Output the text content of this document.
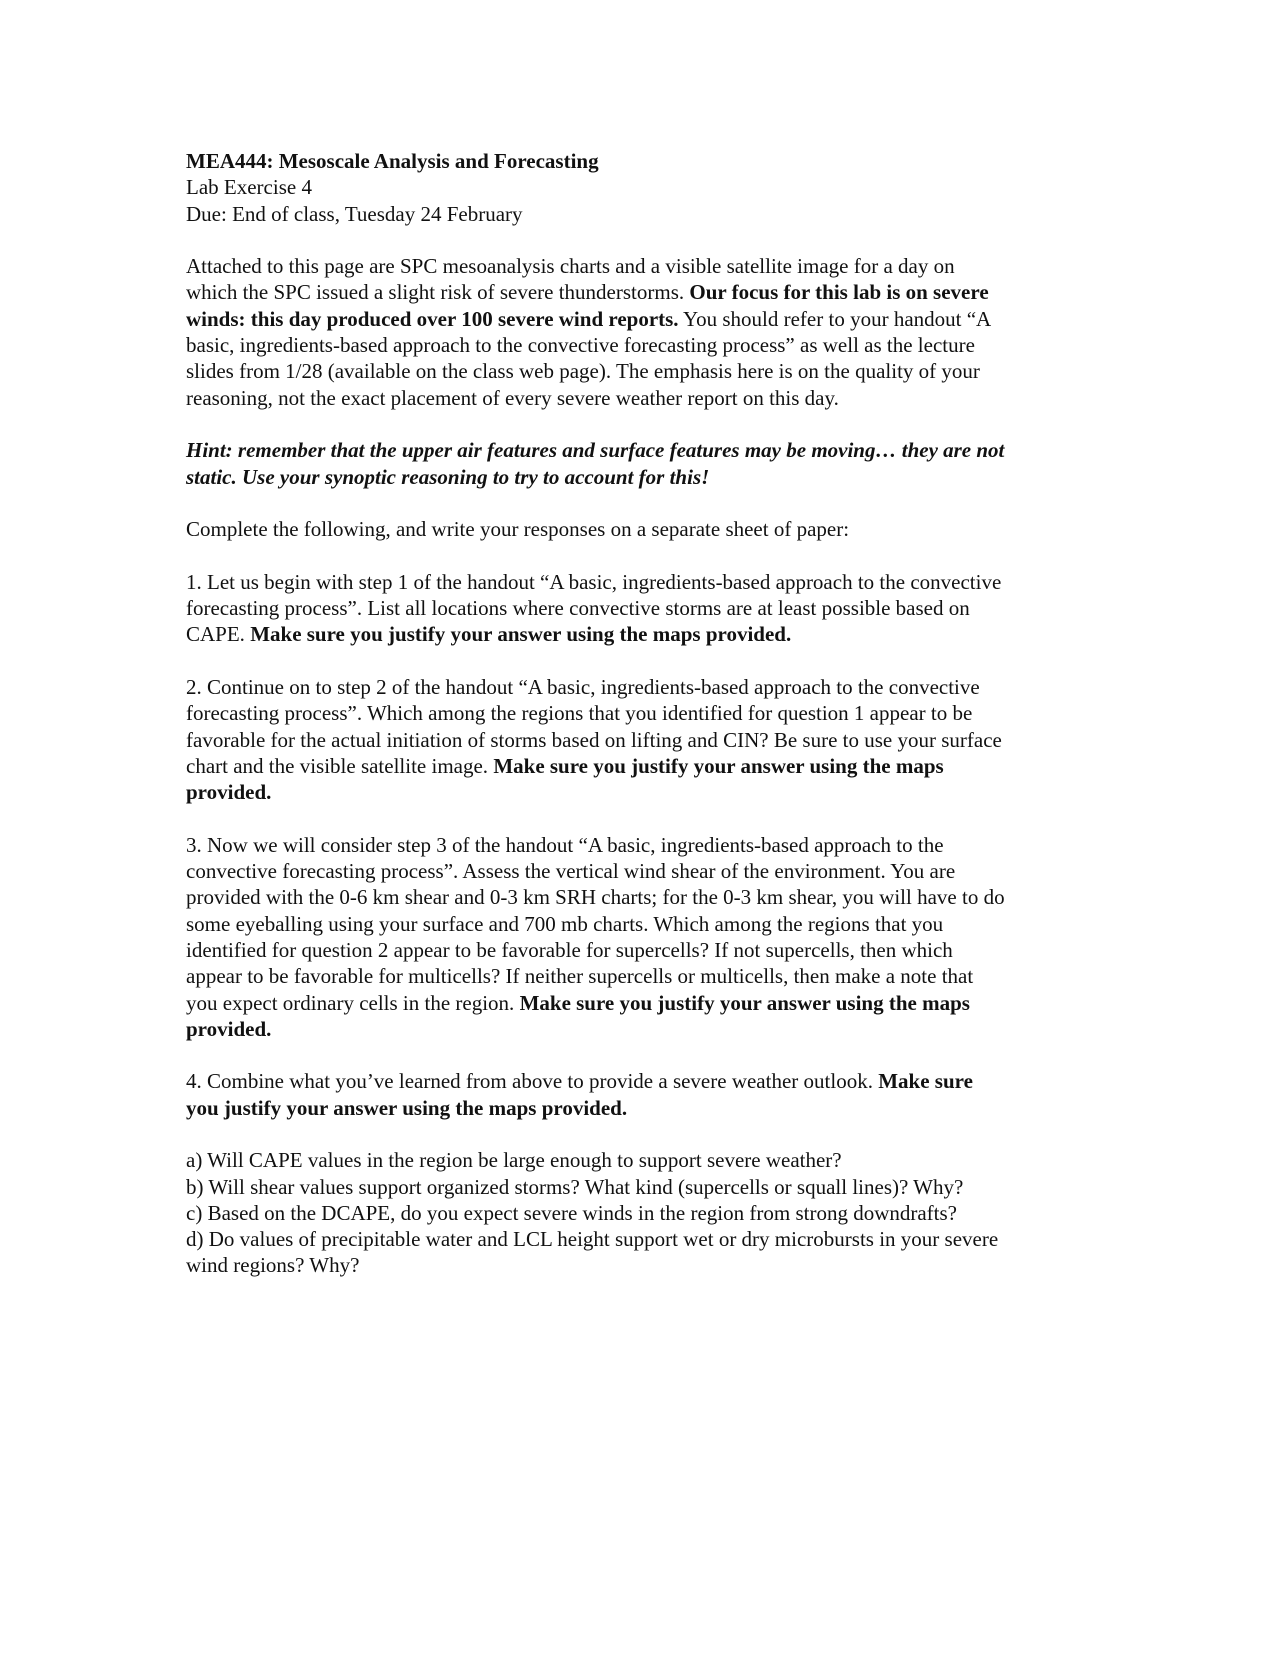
MEA444: Mesoscale Analysis and Forecasting
Lab Exercise 4
Due: End of class, Tuesday 24 February
Attached to this page are SPC mesoanalysis charts and a visible satellite image for a day on
which the SPC issued a slight risk of severe thunderstorms. Our focus for this lab is on severe
winds: this day produced over 100 severe wind reports. You should refer to your handout “A
basic, ingredients-based approach to the convective forecasting process” as well as the lecture
slides from 1/28 (available on the class web page). The emphasis here is on the quality of your
reasoning, not the exact placement of every severe weather report on this day.
Hint: remember that the upper air features and surface features may be moving… they are not
static. Use your synoptic reasoning to try to account for this!
Complete the following, and write your responses on a separate sheet of paper:
1. Let us begin with step 1 of the handout “A basic, ingredients-based approach to the convective
forecasting process”. List all locations where convective storms are at least possible based on
CAPE. Make sure you justify your answer using the maps provided.
2. Continue on to step 2 of the handout “A basic, ingredients-based approach to the convective
forecasting process”. Which among the regions that you identified for question 1 appear to be
favorable for the actual initiation of storms based on lifting and CIN? Be sure to use your surface
chart and the visible satellite image. Make sure you justify your answer using the maps
provided.
3. Now we will consider step 3 of the handout “A basic, ingredients-based approach to the
convective forecasting process”. Assess the vertical wind shear of the environment. You are
provided with the 0-6 km shear and 0-3 km SRH charts; for the 0-3 km shear, you will have to do
some eyeballing using your surface and 700 mb charts. Which among the regions that you
identified for question 2 appear to be favorable for supercells? If not supercells, then which
appear to be favorable for multicells? If neither supercells or multicells, then make a note that
you expect ordinary cells in the region. Make sure you justify your answer using the maps
provided.
4. Combine what you’ve learned from above to provide a severe weather outlook. Make sure
you justify your answer using the maps provided.
a) Will CAPE values in the region be large enough to support severe weather?
b) Will shear values support organized storms? What kind (supercells or squall lines)? Why?
c) Based on the DCAPE, do you expect severe winds in the region from strong downdrafts?
d) Do values of precipitable water and LCL height support wet or dry microbursts in your severe
wind regions? Why?
